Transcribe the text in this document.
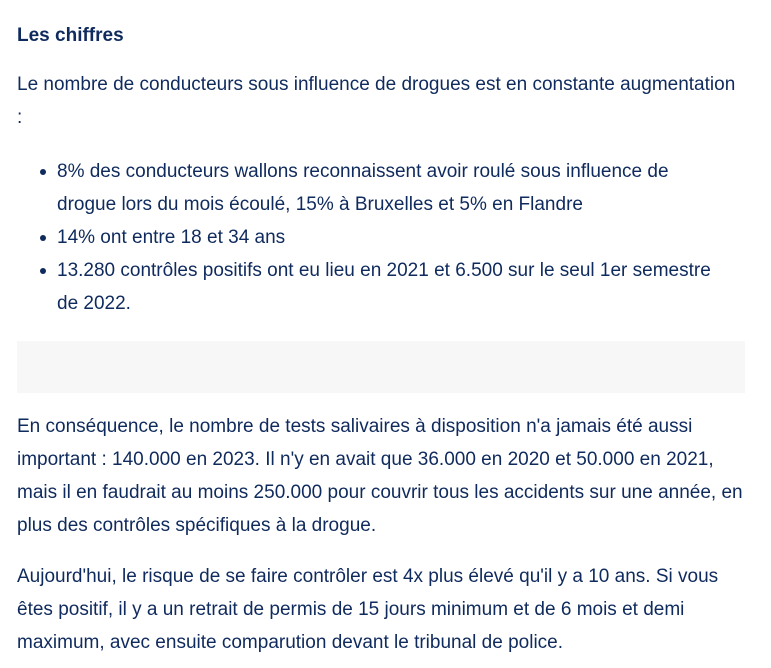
Les chiffres

Le nombre de conducteurs sous influence de drogues est en constante augmentation :

8% des conducteurs wallons reconnaissent avoir roulé sous influence de drogue lors du mois écoulé, 15% à Bruxelles et 5% en Flandre
14% ont entre 18 et 34 ans
13.280 contrôles positifs ont eu lieu en 2021 et 6.500 sur le seul 1er semestre de 2022.

En conséquence, le nombre de tests salivaires à disposition n'a jamais été aussi important : 140.000 en 2023. Il n'y en avait que 36.000 en 2020 et 50.000 en 2021, mais il en faudrait au moins 250.000 pour couvrir tous les accidents sur une année, en plus des contrôles spécifiques à la drogue.

Aujourd'hui, le risque de se faire contrôler est 4x plus élevé qu'il y a 10 ans. Si vous êtes positif, il y a un retrait de permis de 15 jours minimum et de 6 mois et demi maximum, avec ensuite comparution devant le tribunal de police.
